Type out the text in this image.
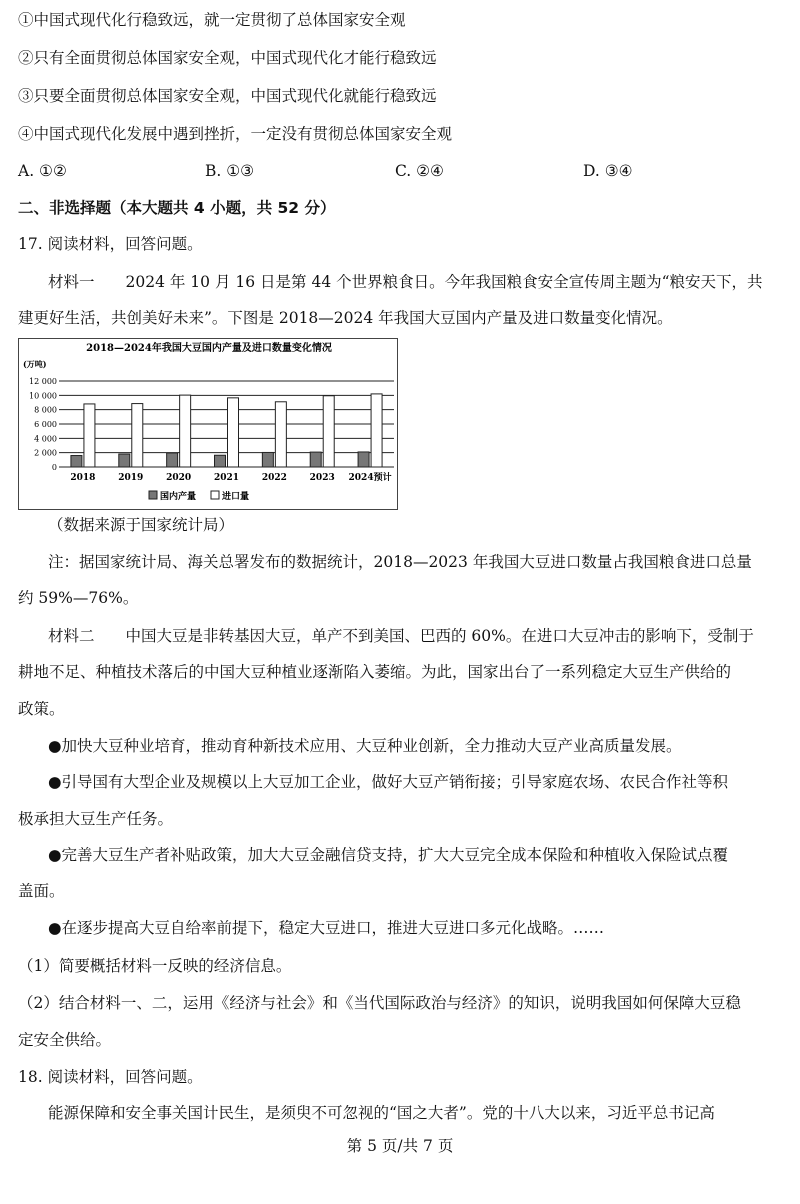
①中国式现代化行稳致远，就一定贯彻了总体国家安全观
②只有全面贯彻总体国家安全观，中国式现代化才能行稳致远
③只要全面贯彻总体国家安全观，中国式现代化就能行稳致远
④中国式现代化发展中遇到挫折，一定没有贯彻总体国家安全观
A. ①②	B. ①③	C. ②④	D. ③④
二、非选择题（本大题共 4 小题，共 52 分）
17. 阅读材料，回答问题。
材料一　　2024 年 10 月 16 日是第 44 个世界粮食日。今年我国粮食安全宣传周主题为“粮安天下，共
建更好生活，共创美好未来”。下图是 2018—2024 年我国大豆国内产量及进口数量变化情况。
2018—2024年我国大豆国内产量及进口数量变化情况
(万吨)
0
2 000
4 000
6 000
8 000
10 000
12 000
2018	2019	2020	2021	2022	2023 2024预计
国内产量	进口量
（数据来源于国家统计局）
注：据国家统计局、海关总署发布的数据统计，2018—2023 年我国大豆进口数量占我国粮食进口总量
约 59%—76%。
材料二　　中国大豆是非转基因大豆，单产不到美国、巴西的 60%。在进口大豆冲击的影响下，受制于
耕地不足、种植技术落后的中国大豆种植业逐渐陷入萎缩。为此，国家出台了一系列稳定大豆生产供给的
政策。
●加快大豆种业培育，推动育种新技术应用、大豆种业创新，全力推动大豆产业高质量发展。
●引导国有大型企业及规模以上大豆加工企业，做好大豆产销衔接；引导家庭农场、农民合作社等积
极承担大豆生产任务。
●完善大豆生产者补贴政策，加大大豆金融信贷支持，扩大大豆完全成本保险和种植收入保险试点覆
盖面。
●在逐步提高大豆自给率前提下，稳定大豆进口，推进大豆进口多元化战略。……
（1）简要概括材料一反映的经济信息。
（2）结合材料一、二，运用《经济与社会》和《当代国际政治与经济》的知识，说明我国如何保障大豆稳
定安全供给。
18. 阅读材料，回答问题。
能源保障和安全事关国计民生，是须臾不可忽视的“国之大者”。党的十八大以来，习近平总书记高
第 5 页/共 7 页
